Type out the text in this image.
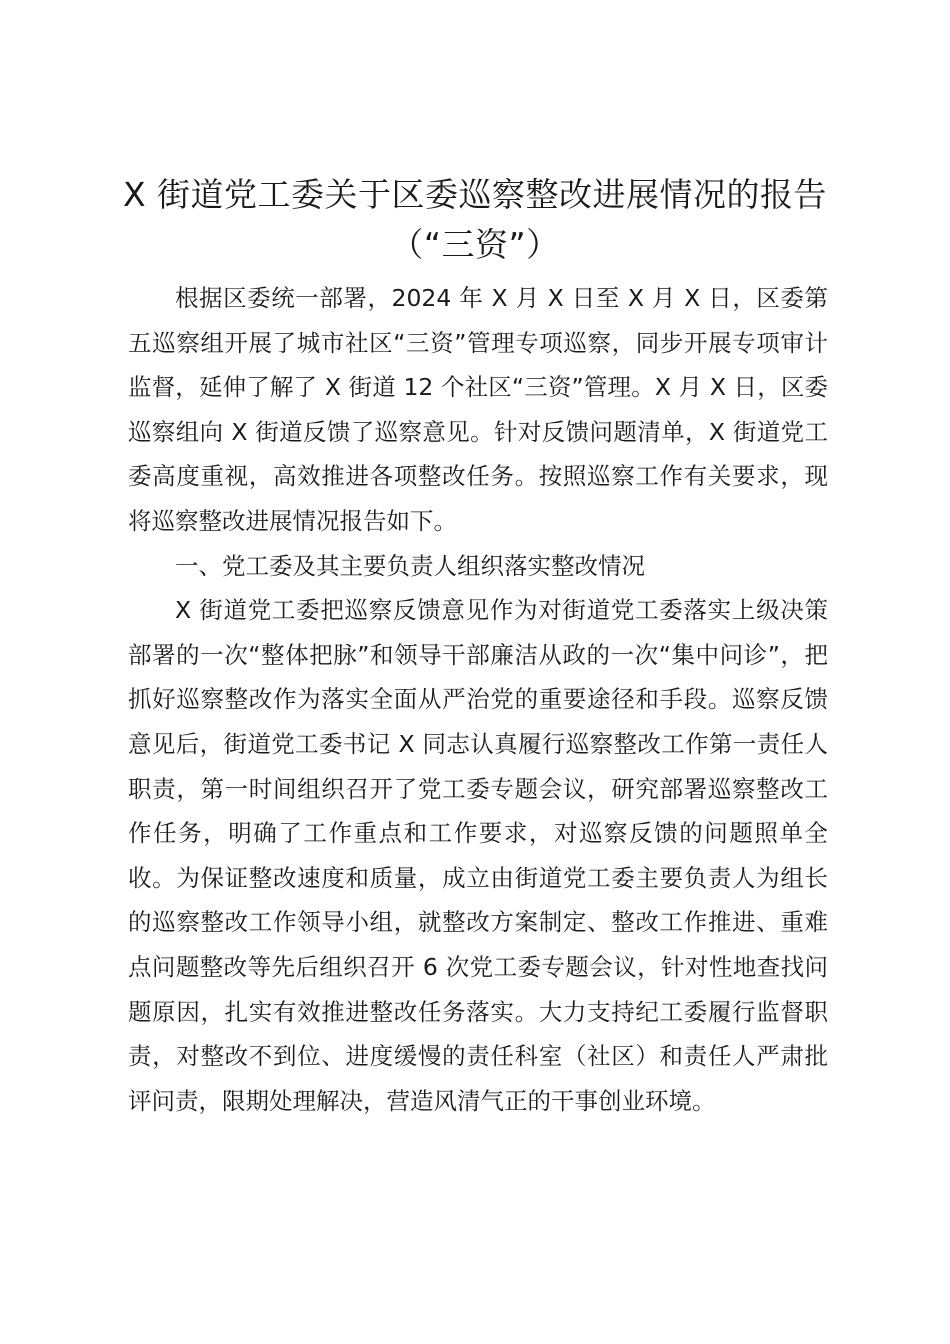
X 街道党工委关于区委巡察整改进展情况的报告（“三资”）

根据区委统一部署，2024 年 X 月 X 日至 X 月 X 日，区委第五巡察组开展了城市社区“三资”管理专项巡察，同步开展专项审计监督，延伸了解了 X 街道 12 个社区“三资”管理。X 月 X 日，区委巡察组向 X 街道反馈了巡察意见。针对反馈问题清单，X 街道党工委高度重视，高效推进各项整改任务。按照巡察工作有关要求，现将巡察整改进展情况报告如下。

一、党工委及其主要负责人组织落实整改情况

X 街道党工委把巡察反馈意见作为对街道党工委落实上级决策部署的一次“整体把脉”和领导干部廉洁从政的一次“集中问诊”，把抓好巡察整改作为落实全面从严治党的重要途径和手段。巡察反馈意见后，街道党工委书记 X 同志认真履行巡察整改工作第一责任人职责，第一时间组织召开了党工委专题会议，研究部署巡察整改工作任务，明确了工作重点和工作要求，对巡察反馈的问题照单全收。为保证整改速度和质量，成立由街道党工委主要负责人为组长的巡察整改工作领导小组，就整改方案制定、整改工作推进、重难点问题整改等先后组织召开 6 次党工委专题会议，针对性地查找问题原因，扎实有效推进整改任务落实。大力支持纪工委履行监督职责，对整改不到位、进度缓慢的责任科室（社区）和责任人严肃批评问责，限期处理解决，营造风清气正的干事创业环境。
